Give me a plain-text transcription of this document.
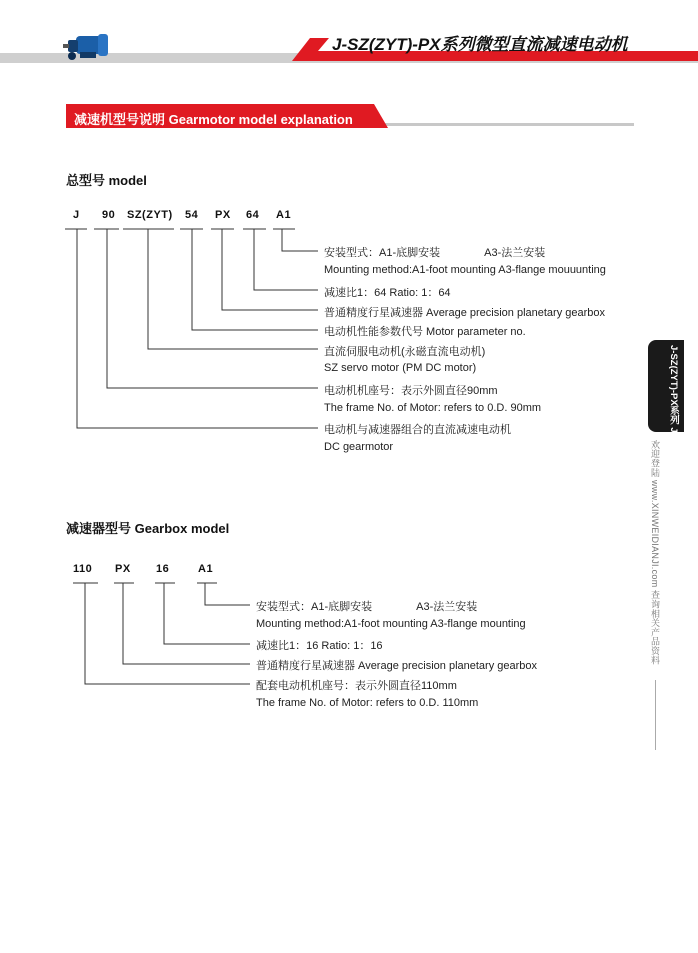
J-SZ(ZYT)-PX系列微型直流减速电动机
减速机型号说明 Gearmotor model explanation
总型号 model
J 90 SZ(ZYT) 54 PX 64 A1
安装型式：A1-底脚安装　　　　A3-法兰安装
Mounting method:A1-foot mounting A3-flange mouuunting
减速比1：64 Ratio: 1：64
普通精度行星减速器 Average precision planetary gearbox
电动机性能参数代号 Motor parameter no.
直流伺服电动机(永磁直流电动机)
SZ servo motor (PM DC motor)
电动机机座号：表示外圆直径90mm
The frame No. of Motor: refers to 0.D. 90mm
电动机与减速器组合的直流减速电动机
DC gearmotor
减速器型号 Gearbox model
110 PX 16	A1
安装型式：A1-底脚安装　　　　A3-法兰安装
Mounting method:A1-foot mounting A3-flange mounting
减速比1：16 Ratio: 1：16
普通精度行星减速器 Average precision planetary gearbox
配套电动机机座号：表示外圆直径110mm
The frame No. of Motor: refers to 0.D. 110mm
J-SZ(ZYT)-PX系列 J-SZ(ZYT)-PX Series
欢迎登陆 www.XINWEIDIANJI.com 查询相关产品资料
